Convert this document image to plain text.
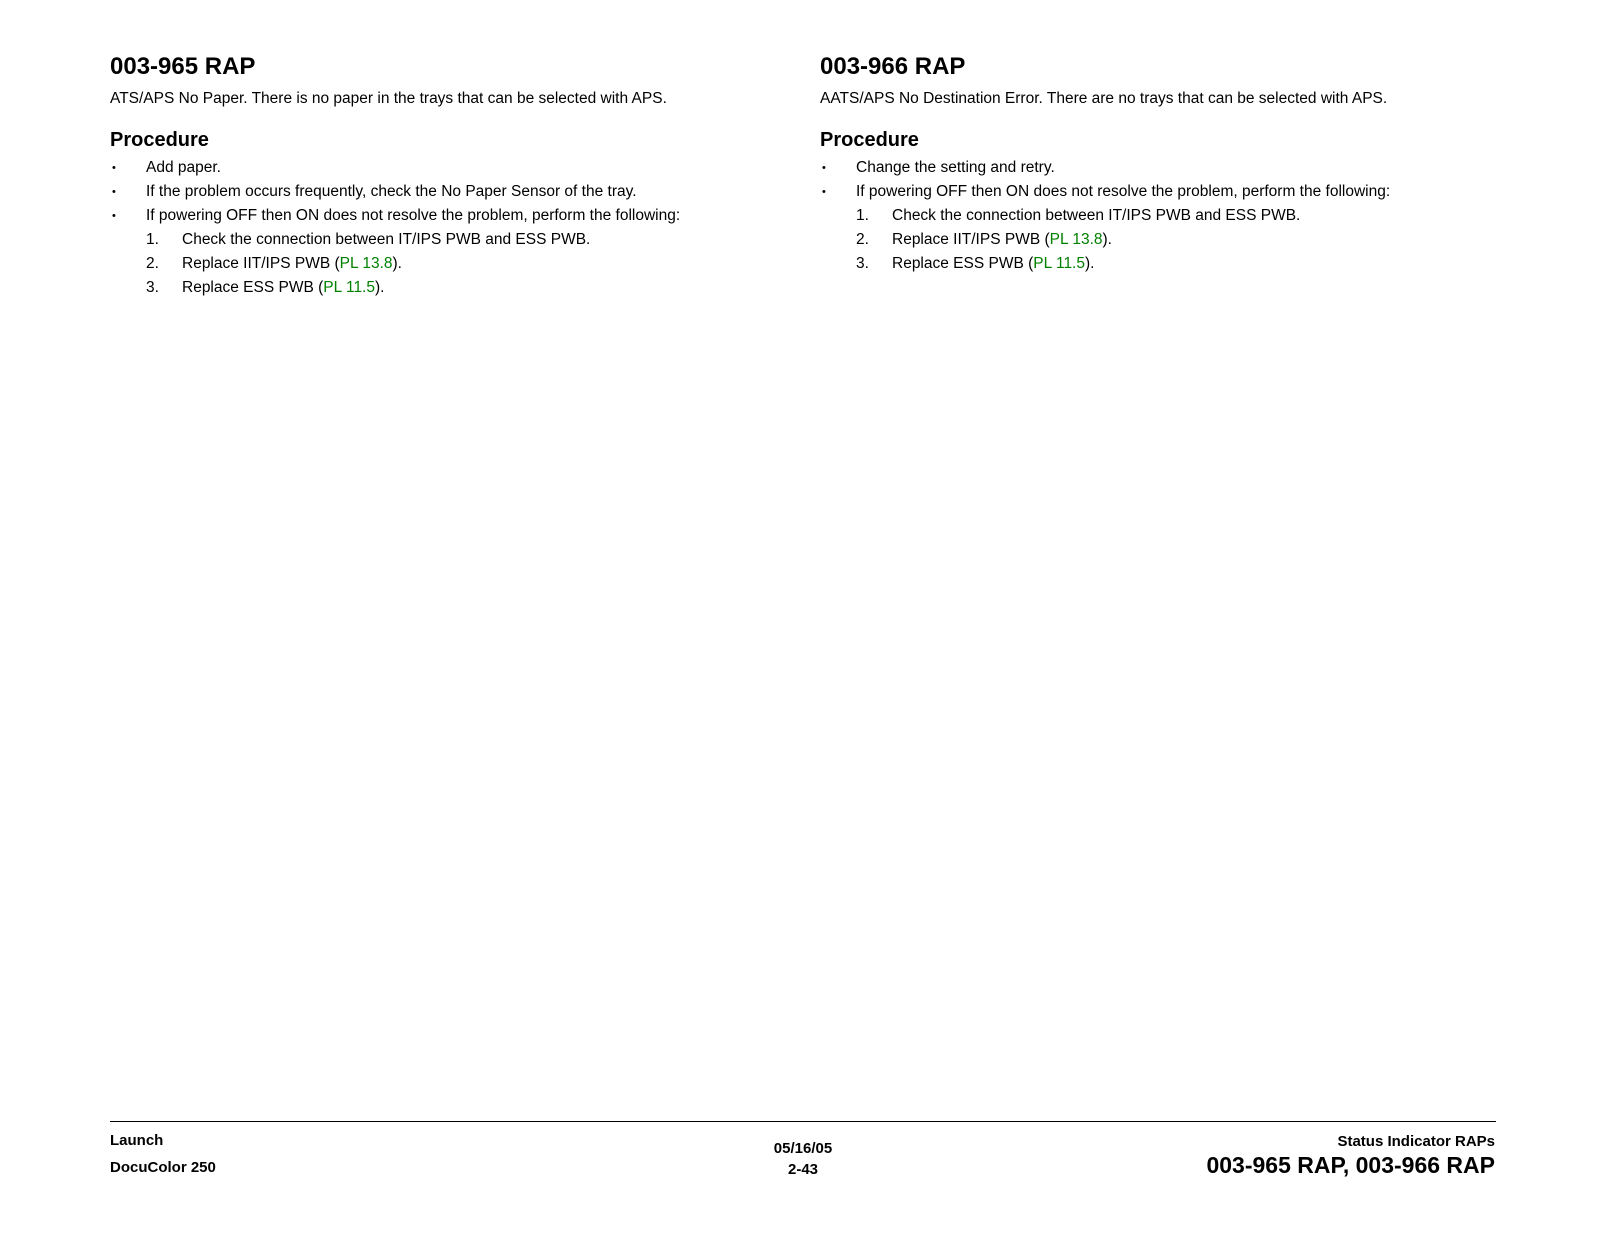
003-965 RAP

ATS/APS No Paper. There is no paper in the trays that can be selected with APS.

Procedure
• Add paper.
• If the problem occurs frequently, check the No Paper Sensor of the tray.
• If powering OFF then ON does not resolve the problem, perform the following:
1. Check the connection between IT/IPS PWB and ESS PWB.
2. Replace IIT/IPS PWB (PL 13.8).
3. Replace ESS PWB (PL 11.5).
003-966 RAP

AATS/APS No Destination Error. There are no trays that can be selected with APS.

Procedure
• Change the setting and retry.
• If powering OFF then ON does not resolve the problem, perform the following:
1. Check the connection between IT/IPS PWB and ESS PWB.
2. Replace IIT/IPS PWB (PL 13.8).
3. Replace ESS PWB (PL 11.5).
Launch
DocuColor 250
05/16/05
2-43
Status Indicator RAPs
003-965 RAP, 003-966 RAP
